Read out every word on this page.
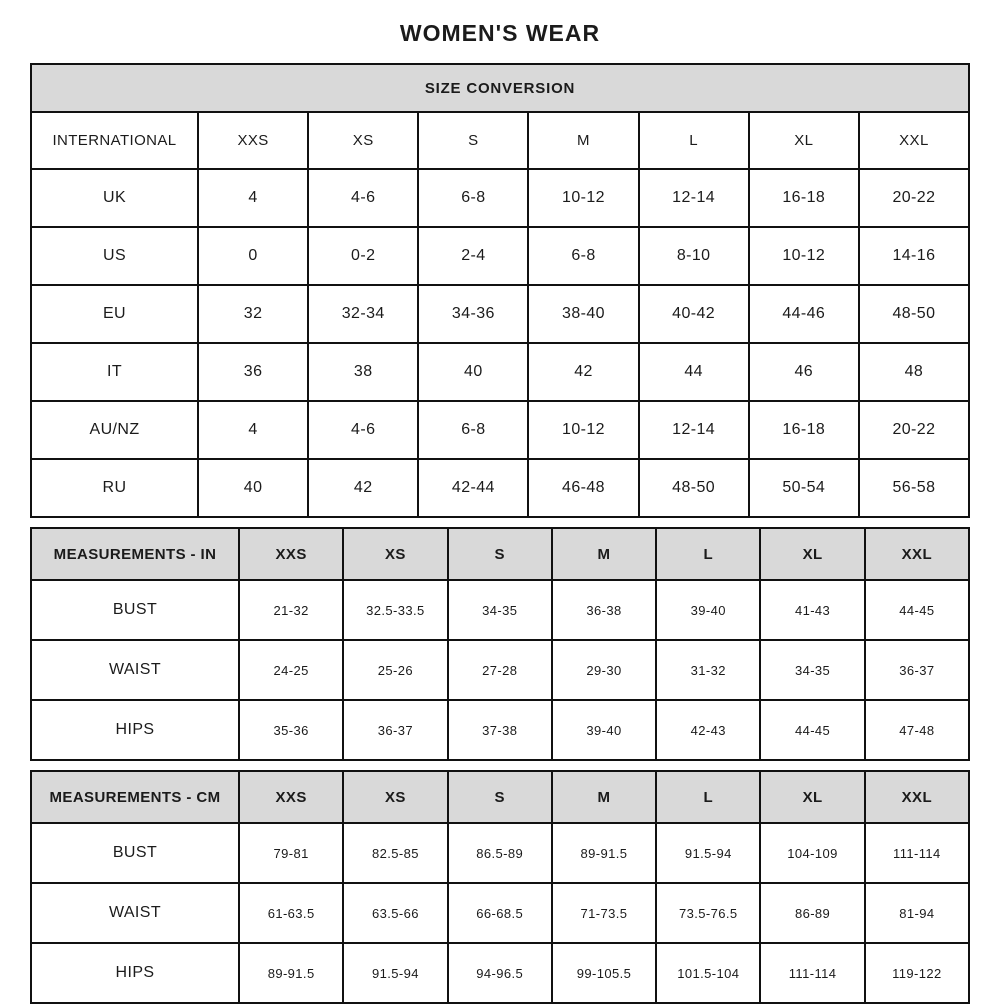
WOMEN'S WEAR
SIZE CONVERSION
INTERNATIONAL	XXS	XS	S	M	L	XL	XXL
UK	4	4-6	6-8	10-12	12-14	16-18	20-22
US	0	0-2	2-4	6-8	8-10	10-12	14-16
EU	32	32-34	34-36	38-40	40-42	44-46	48-50
IT	36	38	40	42	44	46	48
AU/NZ	4	4-6	6-8	10-12	12-14	16-18	20-22
RU	40	42	42-44	46-48	48-50	50-54	56-58
MEASUREMENTS - IN	XXS	XS	S	M	L	XL	XXL
BUST	21-32	32.5-33.5	34-35	36-38	39-40	41-43	44-45
WAIST	24-25	25-26	27-28	29-30	31-32	34-35	36-37
HIPS	35-36	36-37	37-38	39-40	42-43	44-45	47-48
MEASUREMENTS - CM	XXS	XS	S	M	L	XL	XXL
BUST	79-81	82.5-85	86.5-89	89-91.5	91.5-94	104-109	111-114
WAIST	61-63.5	63.5-66	66-68.5	71-73.5	73.5-76.5	86-89	81-94
HIPS	89-91.5	91.5-94	94-96.5	99-105.5	101.5-104	111-114	119-122
